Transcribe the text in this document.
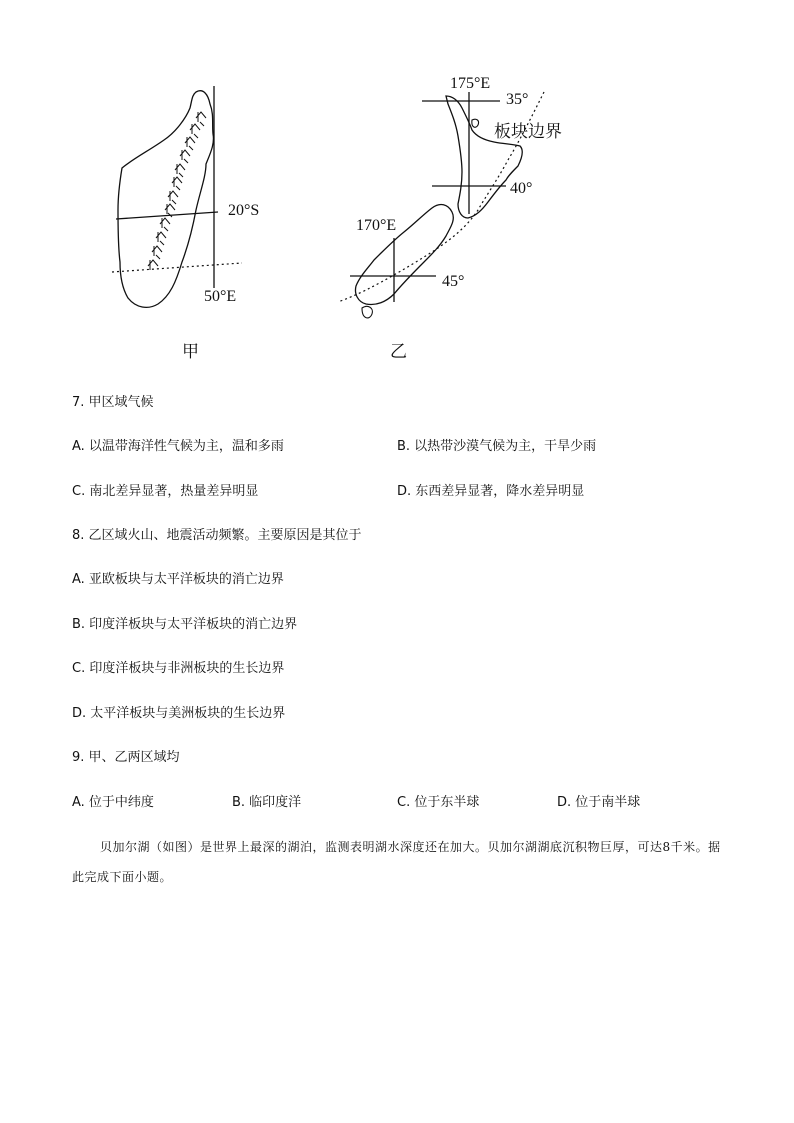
20°S
50°E
甲
175°E
35°
板块边界
40°
170°E
45°
乙
7. 甲区域气候
A. 以温带海洋性气候为主，温和多雨	B. 以热带沙漠气候为主，干旱少雨
C. 南北差异显著，热量差异明显	D. 东西差异显著，降水差异明显
8. 乙区域火山、地震活动频繁。主要原因是其位于
A. 亚欧板块与太平洋板块的消亡边界
B. 印度洋板块与太平洋板块的消亡边界
C. 印度洋板块与非洲板块的生长边界
D. 太平洋板块与美洲板块的生长边界
9. 甲、乙两区域均
A. 位于中纬度	B. 临印度洋	C. 位于东半球	D. 位于南半球
贝加尔湖（如图）是世界上最深的湖泊，监测表明湖水深度还在加大。贝加尔湖湖底沉积物巨厚，可达8千米。据此完成下面小题。
